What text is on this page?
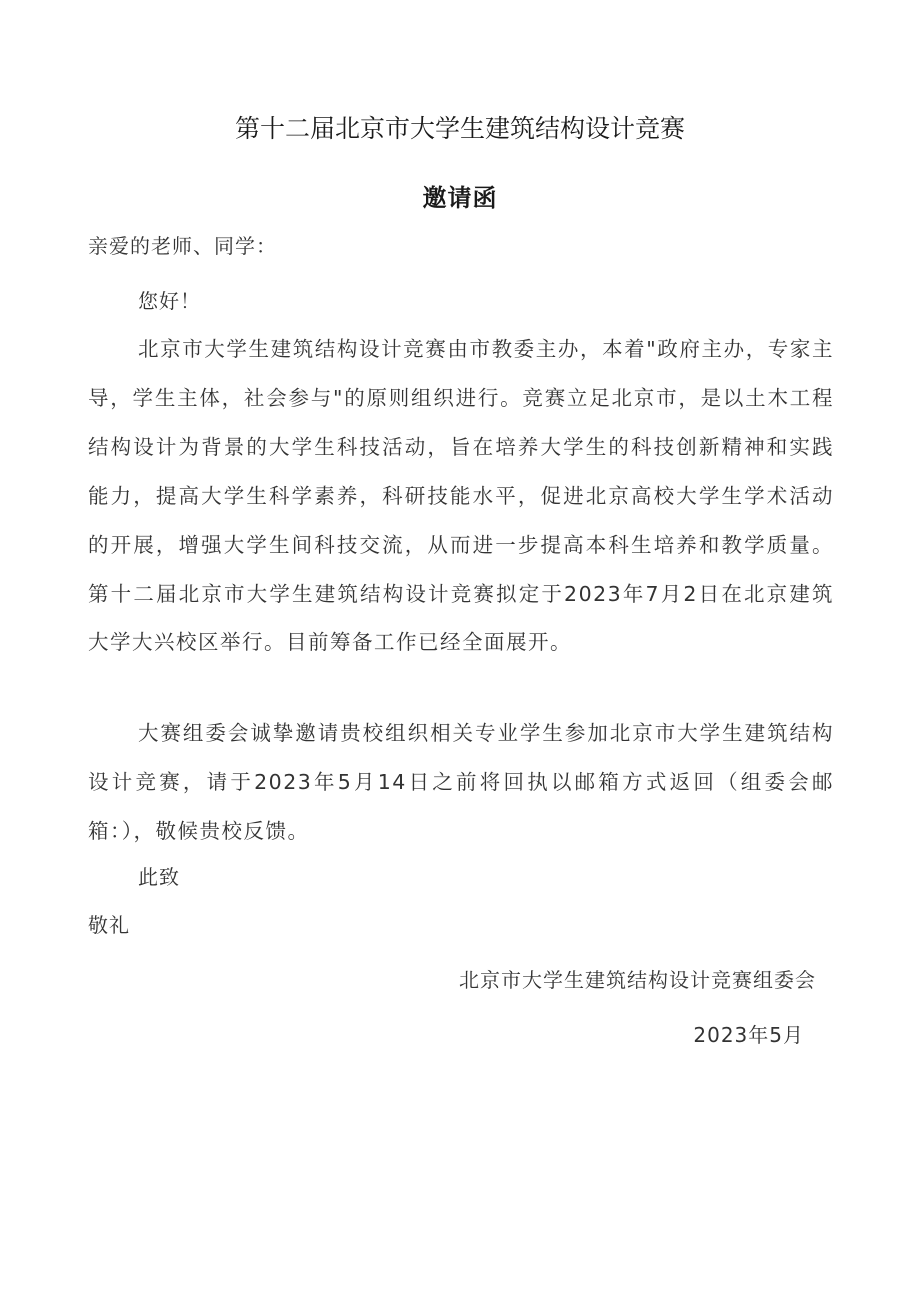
第十二届北京市大学生建筑结构设计竞赛
邀请函

亲爱的老师、同学：

您好！

北京市大学生建筑结构设计竞赛由市教委主办，本着"政府主办，专家主导，学生主体，社会参与"的原则组织进行。竞赛立足北京市，是以土木工程结构设计为背景的大学生科技活动，旨在培养大学生的科技创新精神和实践能力，提高大学生科学素养，科研技能水平，促进北京高校大学生学术活动的开展，增强大学生间科技交流，从而进一步提高本科生培养和教学质量。第十二届北京市大学生建筑结构设计竞赛拟定于2023年7月2日在北京建筑大学大兴校区举行。目前筹备工作已经全面展开。

大赛组委会诚挚邀请贵校组织相关专业学生参加北京市大学生建筑结构设计竞赛，请于2023年5月14日之前将回执以邮箱方式返回（组委会邮箱：），敬候贵校反馈。

此致

敬礼

北京市大学生建筑结构设计竞赛组委会

2023年5月
